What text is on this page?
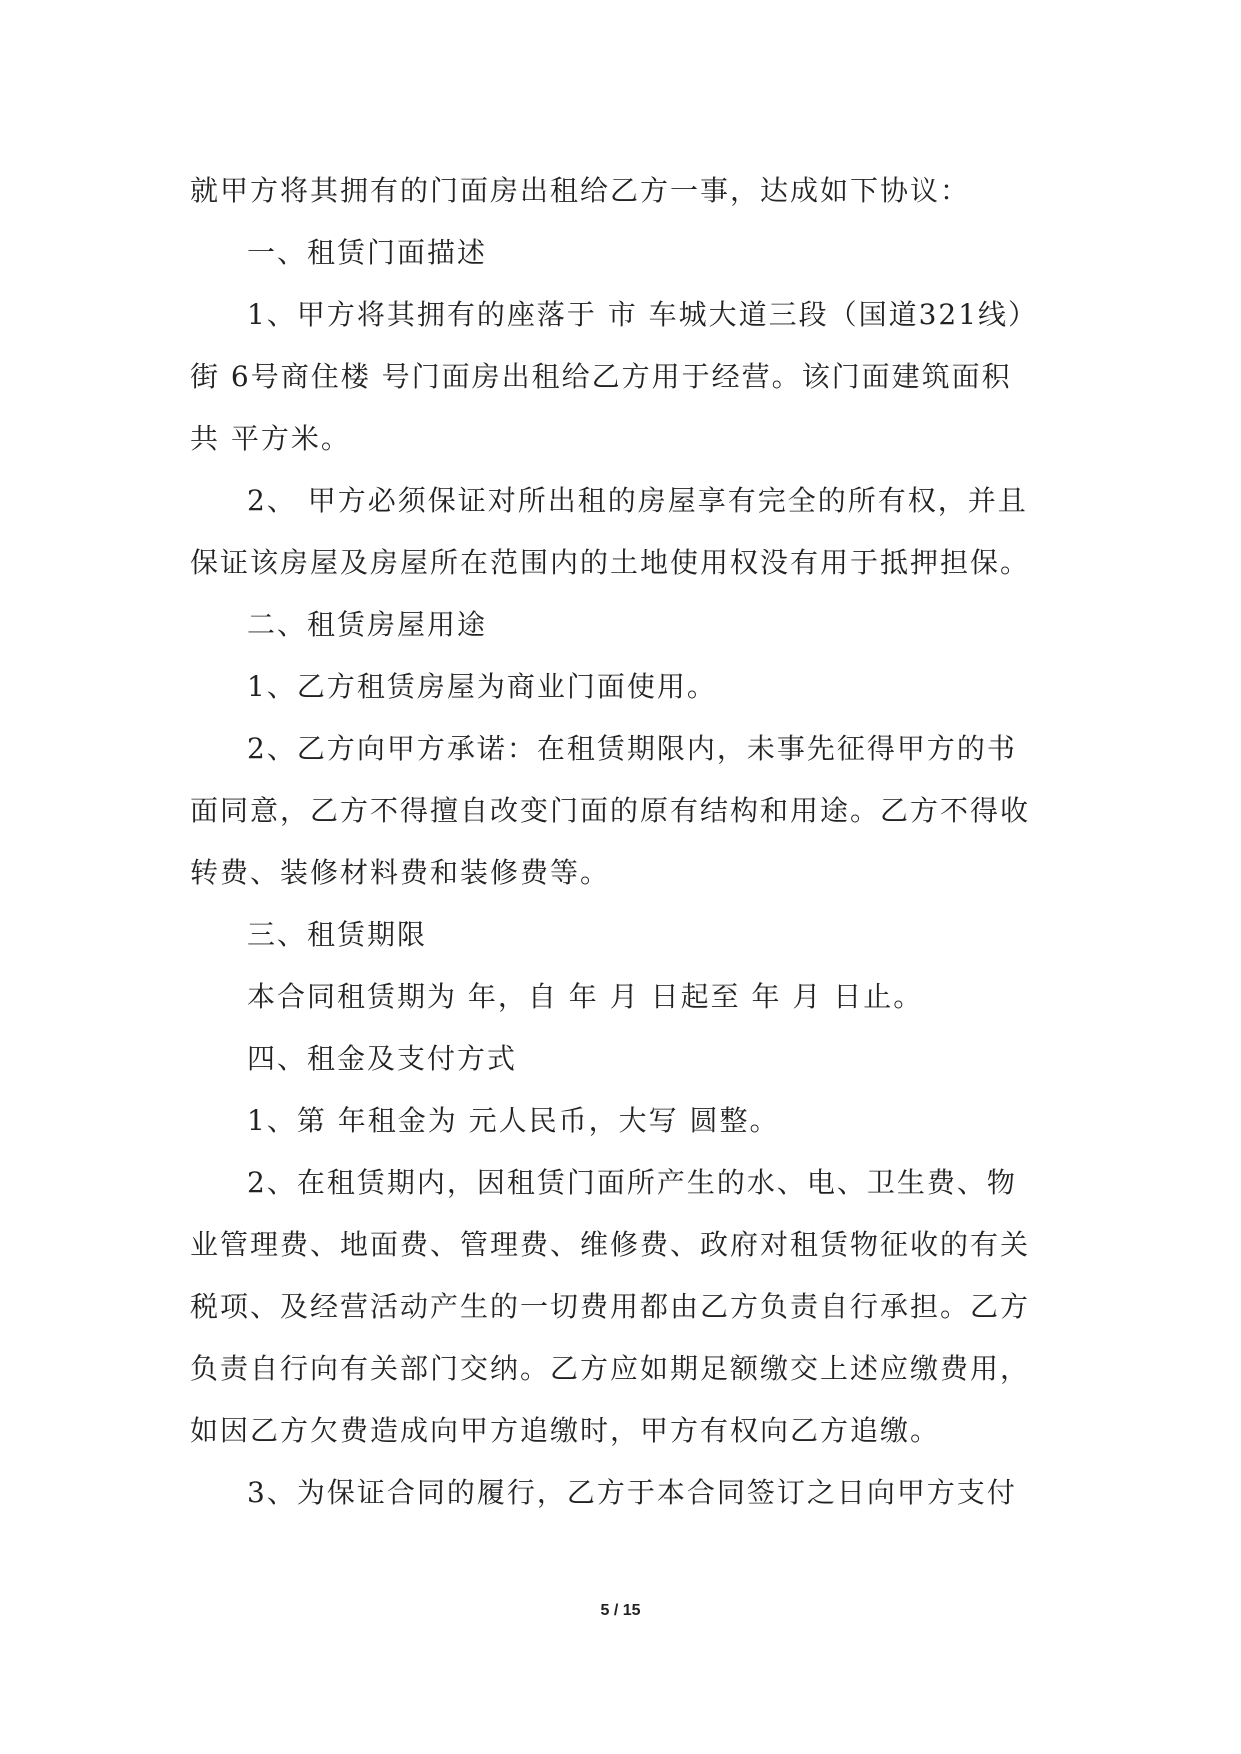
就甲方将其拥有的门面房出租给乙方一事，达成如下协议：
一、租赁门面描述
1、甲方将其拥有的座落于 市 车城大道三段（国道321线）
街 6号商住楼 号门面房出租给乙方用于经营。该门面建筑面积
共 平方米。
2、 甲方必须保证对所出租的房屋享有完全的所有权，并且
保证该房屋及房屋所在范围内的土地使用权没有用于抵押担保。
二、租赁房屋用途
1、乙方租赁房屋为商业门面使用。
2、乙方向甲方承诺：在租赁期限内，未事先征得甲方的书
面同意，乙方不得擅自改变门面的原有结构和用途。乙方不得收
转费、装修材料费和装修费等。
三、租赁期限
本合同租赁期为 年，自 年 月 日起至 年 月 日止。
四、租金及支付方式
1、第 年租金为 元人民币，大写 圆整。
2、在租赁期内，因租赁门面所产生的水、电、卫生费、物
业管理费、地面费、管理费、维修费、政府对租赁物征收的有关
税项、及经营活动产生的一切费用都由乙方负责自行承担。乙方
负责自行向有关部门交纳。乙方应如期足额缴交上述应缴费用，
如因乙方欠费造成向甲方追缴时，甲方有权向乙方追缴。
3、为保证合同的履行，乙方于本合同签订之日向甲方支付
5 / 15
